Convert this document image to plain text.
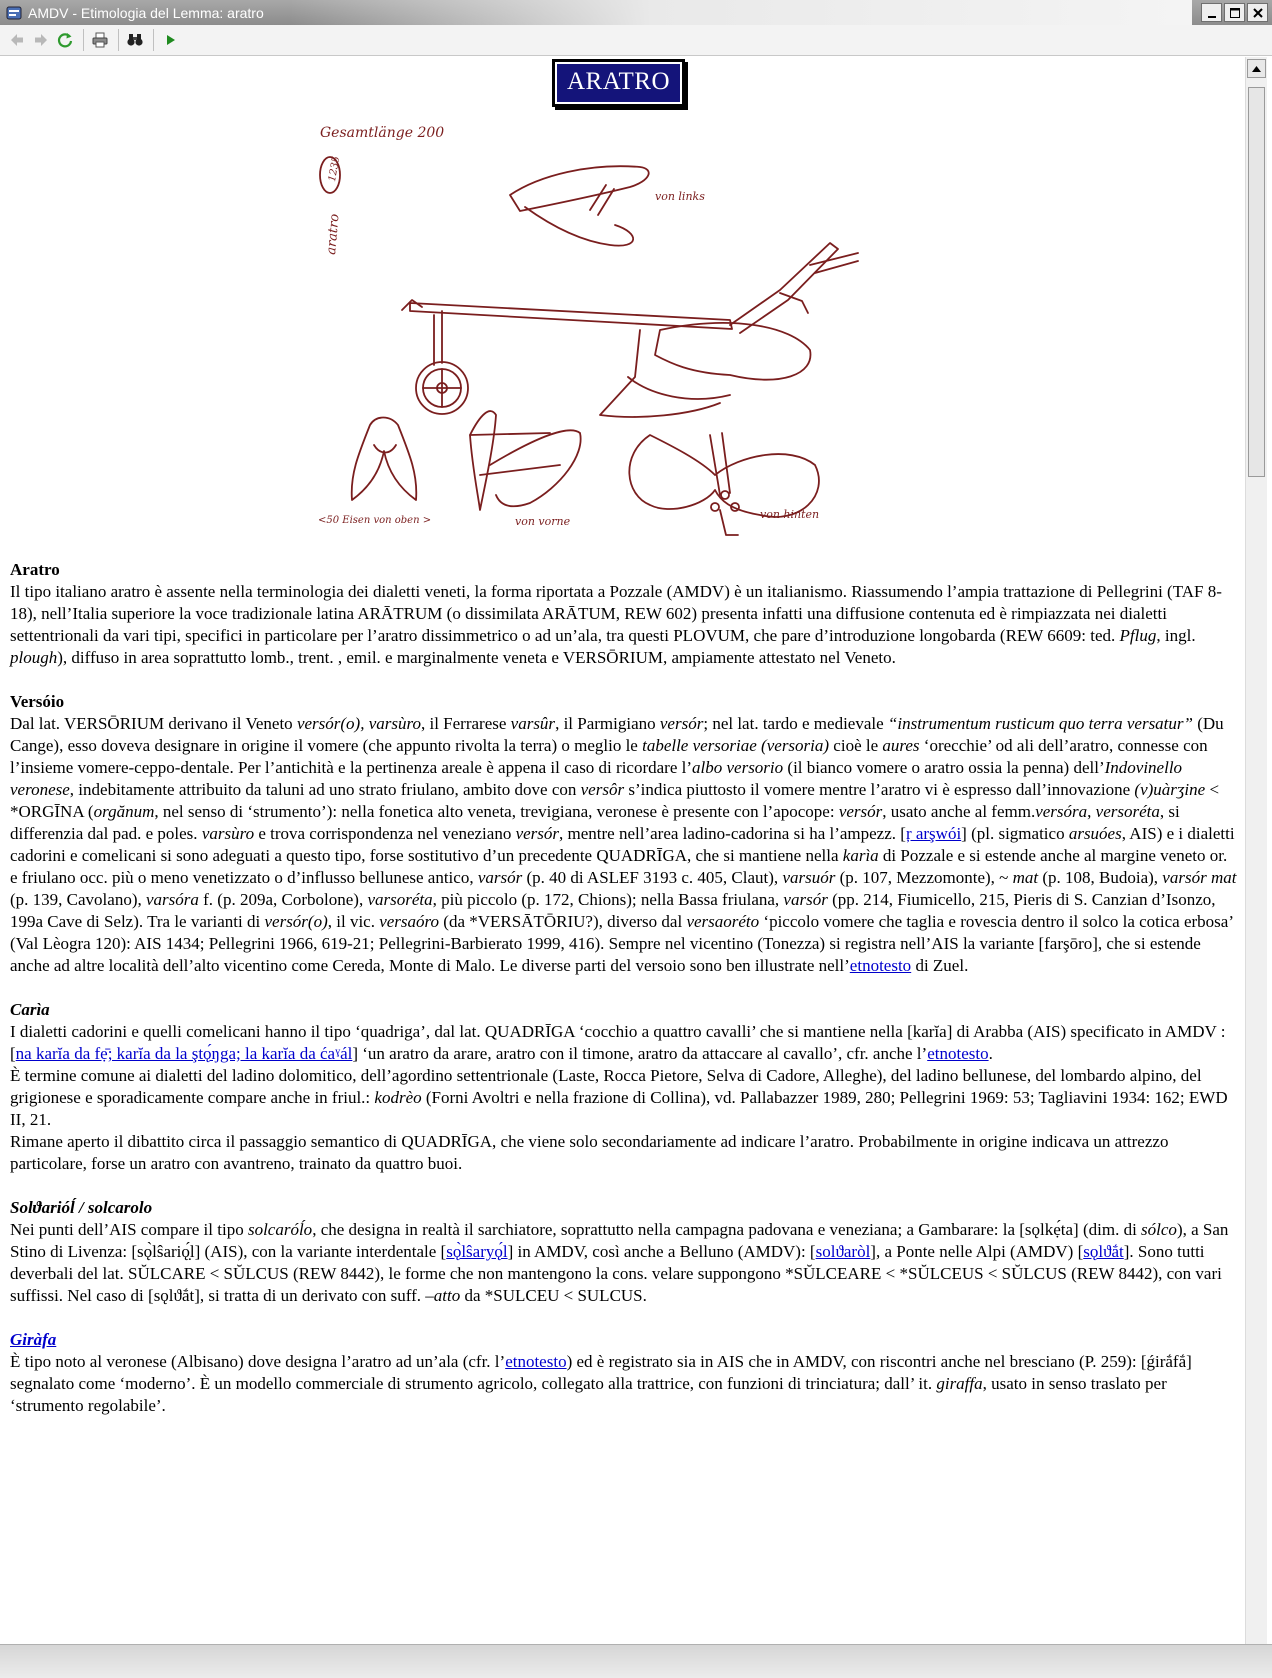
AMDV - Etimologia del Lemma: aratro
ARATRO
Gesamtlänge 200
1235
aratro
von links
<50 Eisen von oben >	von vorne
von hinten
Aratro

Il tipo italiano aratro è assente nella terminologia dei dialetti veneti, la forma riportata a Pozzale (AMDV) è un italianismo. Riassumendo l’ampia trattazione di Pellegrini (TAF 8-18), nell’Italia superiore la voce tradizionale latina ARĀTRUM (o dissimilata ARĀTUM, REW 602) presenta infatti una diffusione contenuta ed è rimpiazzata nei dialetti settentrionali da vari tipi, specifici in particolare per l’aratro dissimmetrico o ad un’ala, tra questi PLOVUM, che pare d’introduzione longobarda (REW 6609: ted. Pflug, ingl. plough), diffuso in area soprattutto lomb., trent. , emil. e marginalmente veneta e VERSŌRIUM, ampiamente attestato nel Veneto.

Versóio

Dal lat. VERSŌRIUM derivano il Veneto versór(o), varsùro, il Ferrarese varsûr, il Parmigiano versór; nel lat. tardo e medievale “instrumentum rusticum quo terra versatur” (Du Cange), esso doveva designare in origine il vomere (che appunto rivolta la terra) o meglio le tabelle versoriae (versoria) cioè le aures ‘orecchie’ od ali dell’aratro, connesse con l’insieme vomere-ceppo-dentale. Per l’antichità e la pertinenza areale è appena il caso di ricordare l’albo versorio (il bianco vomere o aratro ossia la penna) dell’Indovinello veronese, indebitamente attribuito da taluni ad uno strato friulano, ambito dove con versôr s’indica piuttosto il vomere mentre l’aratro vi è espresso dall’innovazione (v)uàrʒine < *ORGĪNA (orgănum, nel senso di ‘strumento’): nella fonetica alto veneta, trevigiana, veronese è presente con l’apocope: versór, usato anche al femm.versóra, versoréta, si differenzia dal pad. e poles. varsùro e trova corrispondenza nel veneziano versór, mentre nell’area ladino-cadorina si ha l’ampezz. [ŗ arşwói] (pl. sigmatico arsuóes, AIS) e i dialetti cadorini e comelicani si sono adeguati a questo tipo, forse sostitutivo d’un precedente QUADRĪGA, che si mantiene nella karìa di Pozzale e si estende anche al margine veneto or. e friulano occ. più o meno venetizzato o d’influsso bellunese antico, varsór (p. 40 di ASLEF 3193 c. 405, Claut), varsuór (p. 107, Mezzomonte), ~ mat (p. 108, Budoia), varsór mat (p. 139, Cavolano), varsóra f. (p. 209a, Corbolone), varsoréta, più piccolo (p. 172, Chions); nella Bassa friulana, varsór (pp. 214, Fiumicello, 215, Pieris di S. Canzian d’Isonzo, 199a Cave di Selz). Tra le varianti di versór(o), il vic. versaóro (da *VERSĀTŌRIU?), diverso dal versaoréto ‘piccolo vomere che taglia e rovescia dentro il solco la cotica erbosa’ (Val Lèogra 120): AIS 1434; Pellegrini 1966, 619-21; Pellegrini-Barbierato 1999, 416). Sempre nel vicentino (Tonezza) si registra nell’AIS la variante [farşōro], che si estende anche ad altre località dell’alto vicentino come Cereda, Monte di Malo. Le diverse parti del versoio sono ben illustrate nell’etnotesto di Zuel.

Carìa

I dialetti cadorini e quelli comelicani hanno il tipo ‘quadriga’, dal lat. QUADRĪGA ‘cocchio a quattro cavalli’ che si mantiene nella [karĭa] di Arabba (AIS) specificato in AMDV : [na karĭa da fẹ̄; karĭa da la ştǫ́ŋga; la karĭa da ćaˠál] ‘un aratro da arare, aratro con il timone, aratro da attaccare al cavallo’, cfr. anche l’etnotesto.

È termine comune ai dialetti del ladino dolomitico, dell’agordino settentrionale (Laste, Rocca Pietore, Selva di Cadore, Alleghe), del ladino bellunese, del lombardo alpino, del grigionese e sporadicamente compare anche in friul.: kodrèo (Forni Avoltri e nella frazione di Collina), vd. Pallabazzer 1989, 280; Pellegrini 1969: 53; Tagliavini 1934: 162; EWD II, 21.

Rimane aperto il dibattito circa il passaggio semantico di QUADRĪGA, che viene solo secondariamente ad indicare l’aratro. Probabilmente in origine indicava un attrezzo particolare, forse un aratro con avantreno, trainato da quattro buoi.

Solϑarióĺ / solcarolo

Nei punti dell’AIS compare il tipo solcaróĺo, che designa in realtà il sarchiatore, soprattutto nella campagna padovana e veneziana; a Gambarare: la [sǫlkẹ́ta] (dim. di sólco), a San Stino di Livenza: [sǫ̀lŝariǫ̣́l] (AIS), con la variante interdentale [sǫ̀lŝaryǫ́l] in AMDV, così anche a Belluno (AMDV): [solϑaròl], a Ponte nelle Alpi (AMDV) [sǫlϑắt]. Sono tutti deverbali del lat. SŬLCARE < SŬLCUS (REW 8442), le forme che non mantengono la cons. velare suppongono *SŬLCEARE < *SŬLCEUS < SŬLCUS (REW 8442), con vari suffissi. Nel caso di [sǫlϑắt], si tratta di un derivato con suff. –atto da *SULCEU < SULCUS.

Giràfa

È tipo noto al veronese (Albisano) dove designa l’aratro ad un’ala (cfr. l’etnotesto) ed è registrato sia in AIS che in AMDV, con riscontri anche nel bresciano (P. 259): [ǵirắfắ] segnalato come ‘moderno’. È un modello commerciale di strumento agricolo, collegato alla trattrice, con funzioni di trinciatura; dall’ it. giraffa, usato in senso traslato per ‘strumento regolabile’.
